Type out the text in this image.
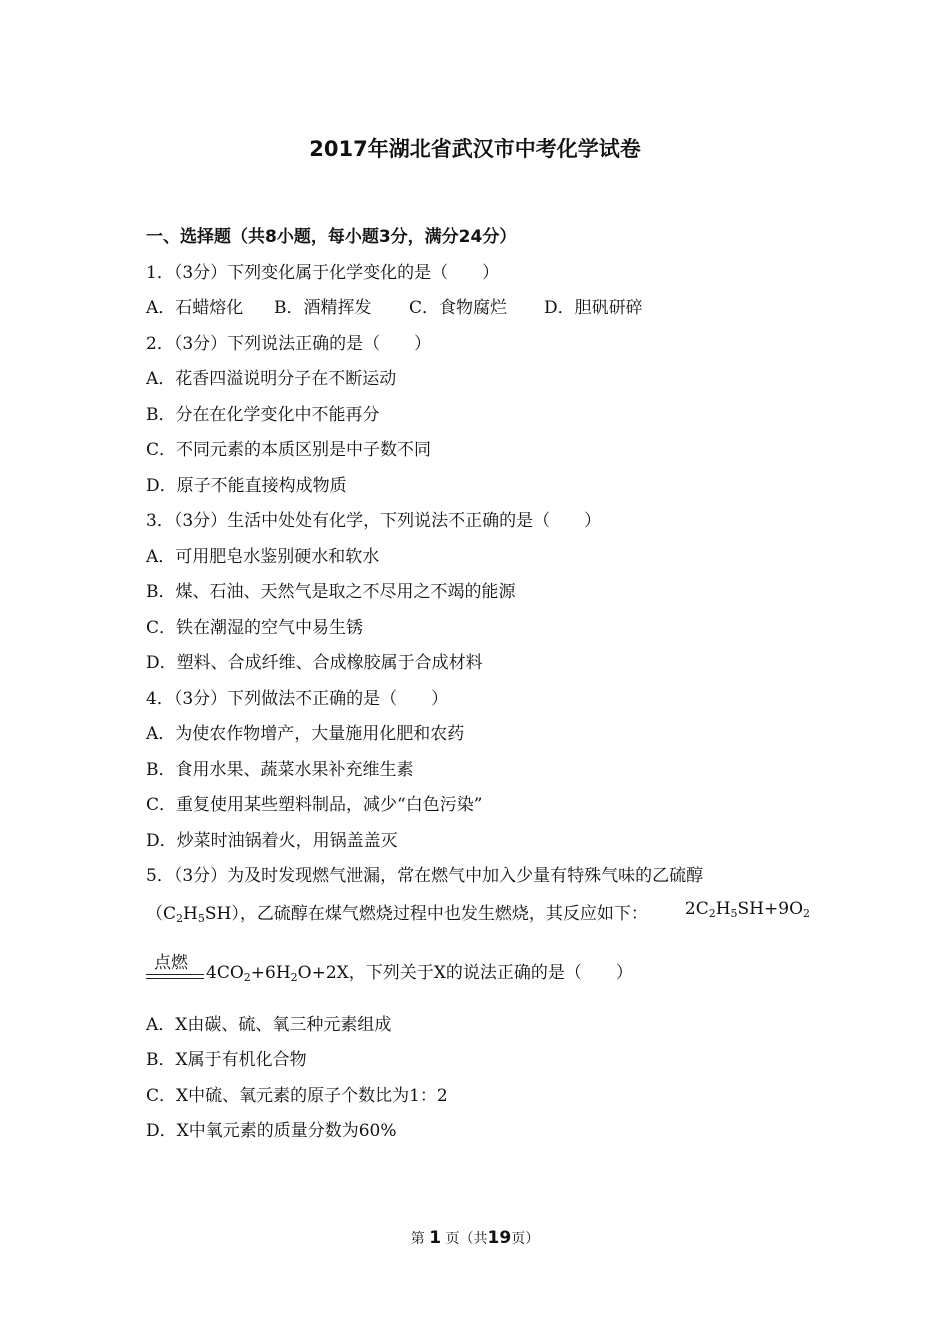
2017年湖北省武汉市中考化学试卷
一、选择题（共8小题，每小题3分，满分24分）
1．（3分）下列变化属于化学变化的是（　　）
A．石蜡熔化 B．酒精挥发 C．食物腐烂 D．胆矾研碎
2．（3分）下列说法正确的是（　　）
A．花香四溢说明分子在不断运动
B．分在在化学变化中不能再分
C．不同元素的本质区别是中子数不同
D．原子不能直接构成物质
3．（3分）生活中处处有化学，下列说法不正确的是（　　）
A．可用肥皂水鉴别硬水和软水
B．煤、石油、天然气是取之不尽用之不竭的能源
C．铁在潮湿的空气中易生锈
D．塑料、合成纤维、合成橡胶属于合成材料
4．（3分）下列做法不正确的是（　　）
A．为使农作物增产，大量施用化肥和农药
B．食用水果、蔬菜水果补充维生素
C．重复使用某些塑料制品，减少“白色污染”
D．炒菜时油锅着火，用锅盖盖灭
5．（3分）为及时发现燃气泄漏，常在燃气中加入少量有特殊气味的乙硫醇
$(C_2H_5SH)$，乙硫醇在煤气燃烧过程中也发生燃烧，其反应如下： $2C_2H_5SH+9O_2$
点燃
$4CO_2+6H_2O+2X$，下列关于X的说法正确的是（　　）
A．X由碳、硫、氧三种元素组成
B．X属于有机化合物
C．X中硫、氧元素的原子个数比为1：2
D．X中氧元素的质量分数为60%
第 1 页（共19页）
